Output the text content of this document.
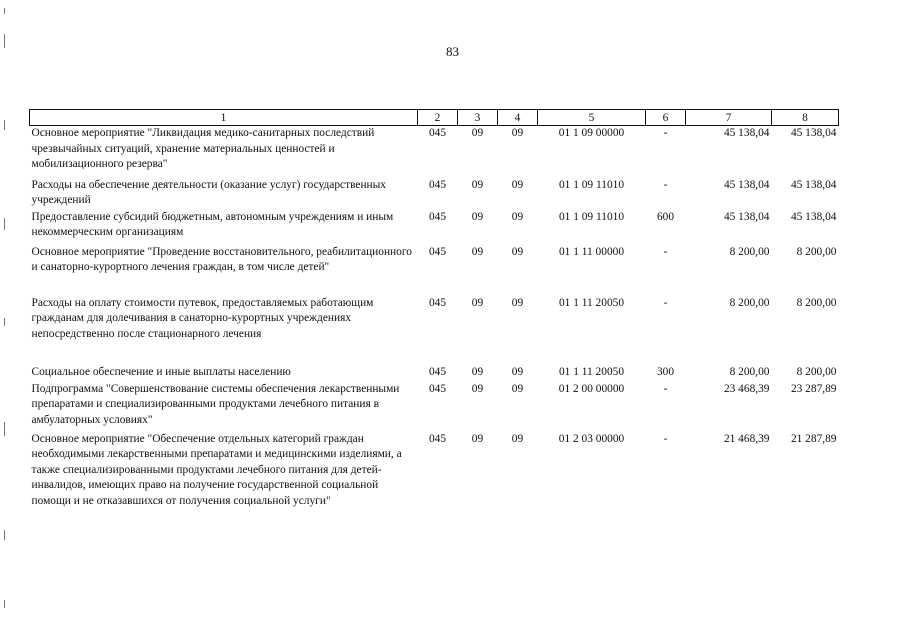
83
1	2	3	4	5	6	7	8
Основное мероприятие "Ликвидация медико-санитарных последствий чрезвычайных ситуаций, хранение материальных ценностей и мобилизационного резерва"	045	09	09	01 1 09 00000	-	45 138,04	45 138,04
Расходы на обеспечение деятельности (оказание услуг) государственных учреждений	045	09	09	01 1 09 11010	-	45 138,04	45 138,04
Предоставление субсидий бюджетным, автономным учреждениям и иным некоммерческим организациям	045	09	09	01 1 09 11010	600	45 138,04	45 138,04
Основное мероприятие "Проведение восстановительного, реабилитационного и санаторно-курортного лечения граждан, в том числе детей"	045	09	09	01 1 11 00000	-	8 200,00	8 200,00
Расходы на оплату стоимости путевок, предоставляемых работающим гражданам для долечивания в санаторно-курортных учреждениях непосредственно после стационарного лечения	045	09	09	01 1 11 20050	-	8 200,00	8 200,00
Социальное обеспечение и иные выплаты населению	045	09	09	01 1 11 20050	300	8 200,00	8 200,00
Подпрограмма "Совершенствование системы обеспечения лекарственными препаратами и специализированными продуктами лечебного питания в амбулаторных условиях"	045	09	09	01 2 00 00000	-	23 468,39	23 287,89
Основное мероприятие "Обеспечение отдельных категорий граждан необходимыми лекарственными препаратами и медицинскими изделиями, а также специализированными продуктами лечебного питания для детей-инвалидов, имеющих право на получение государственной социальной помощи и не отказавшихся от получения социальной услуги"	045	09	09	01 2 03 00000	-	21 468,39	21 287,89
